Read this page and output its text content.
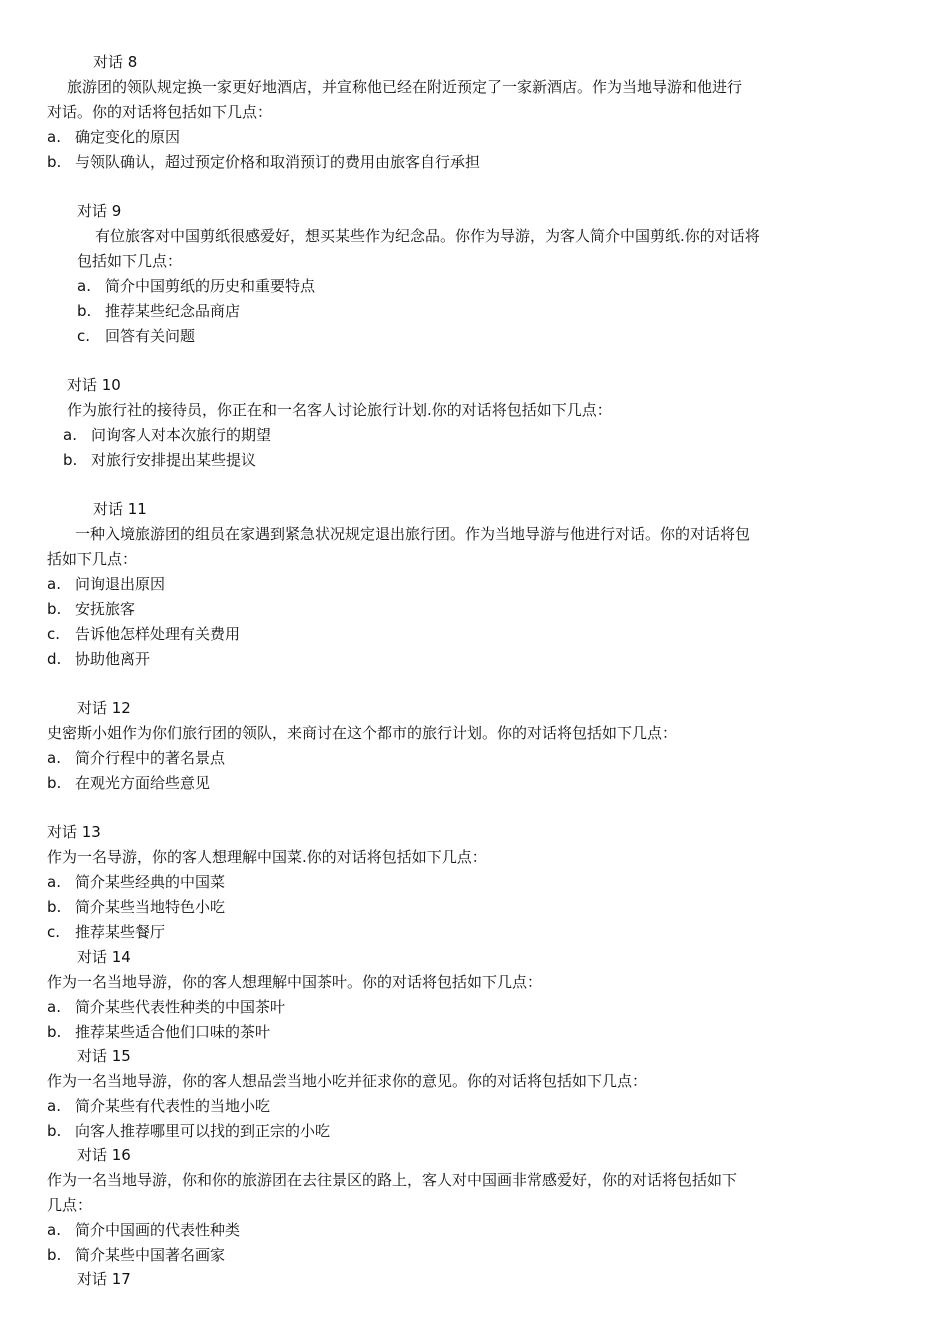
对话 8
旅游团的领队规定换一家更好地酒店，并宣称他已经在附近预定了一家新酒店。作为当地导游和他进行
对话。你的对话将包括如下几点：
a. 确定变化的原因
b. 与领队确认，超过预定价格和取消预订的费用由旅客自行承担
对话 9
有位旅客对中国剪纸很感爱好，想买某些作为纪念品。你作为导游，为客人简介中国剪纸.你的对话将
包括如下几点：
a. 简介中国剪纸的历史和重要特点
b. 推荐某些纪念品商店
c. 回答有关问题
对话 10
作为旅行社的接待员，你正在和一名客人讨论旅行计划.你的对话将包括如下几点：
a. 问询客人对本次旅行的期望
b. 对旅行安排提出某些提议
对话 11
一种入境旅游团的组员在家遇到紧急状况规定退出旅行团。作为当地导游与他进行对话。你的对话将包
括如下几点：
a. 问询退出原因
b. 安抚旅客
c. 告诉他怎样处理有关费用
d. 协助他离开
对话 12
史密斯小姐作为你们旅行团的领队，来商讨在这个都市的旅行计划。你的对话将包括如下几点：
a. 简介行程中的著名景点
b. 在观光方面给些意见
对话 13
作为一名导游，你的客人想理解中国菜.你的对话将包括如下几点：
a. 简介某些经典的中国菜
b. 简介某些当地特色小吃
c. 推荐某些餐厅
对话 14
作为一名当地导游，你的客人想理解中国茶叶。你的对话将包括如下几点：
a. 简介某些代表性种类的中国茶叶
b. 推荐某些适合他们口味的茶叶
对话 15
作为一名当地导游，你的客人想品尝当地小吃并征求你的意见。你的对话将包括如下几点：
a. 简介某些有代表性的当地小吃
b. 向客人推荐哪里可以找的到正宗的小吃
对话 16
作为一名当地导游，你和你的旅游团在去往景区的路上，客人对中国画非常感爱好，你的对话将包括如下
几点：
a. 简介中国画的代表性种类
b. 简介某些中国著名画家
对话 17
